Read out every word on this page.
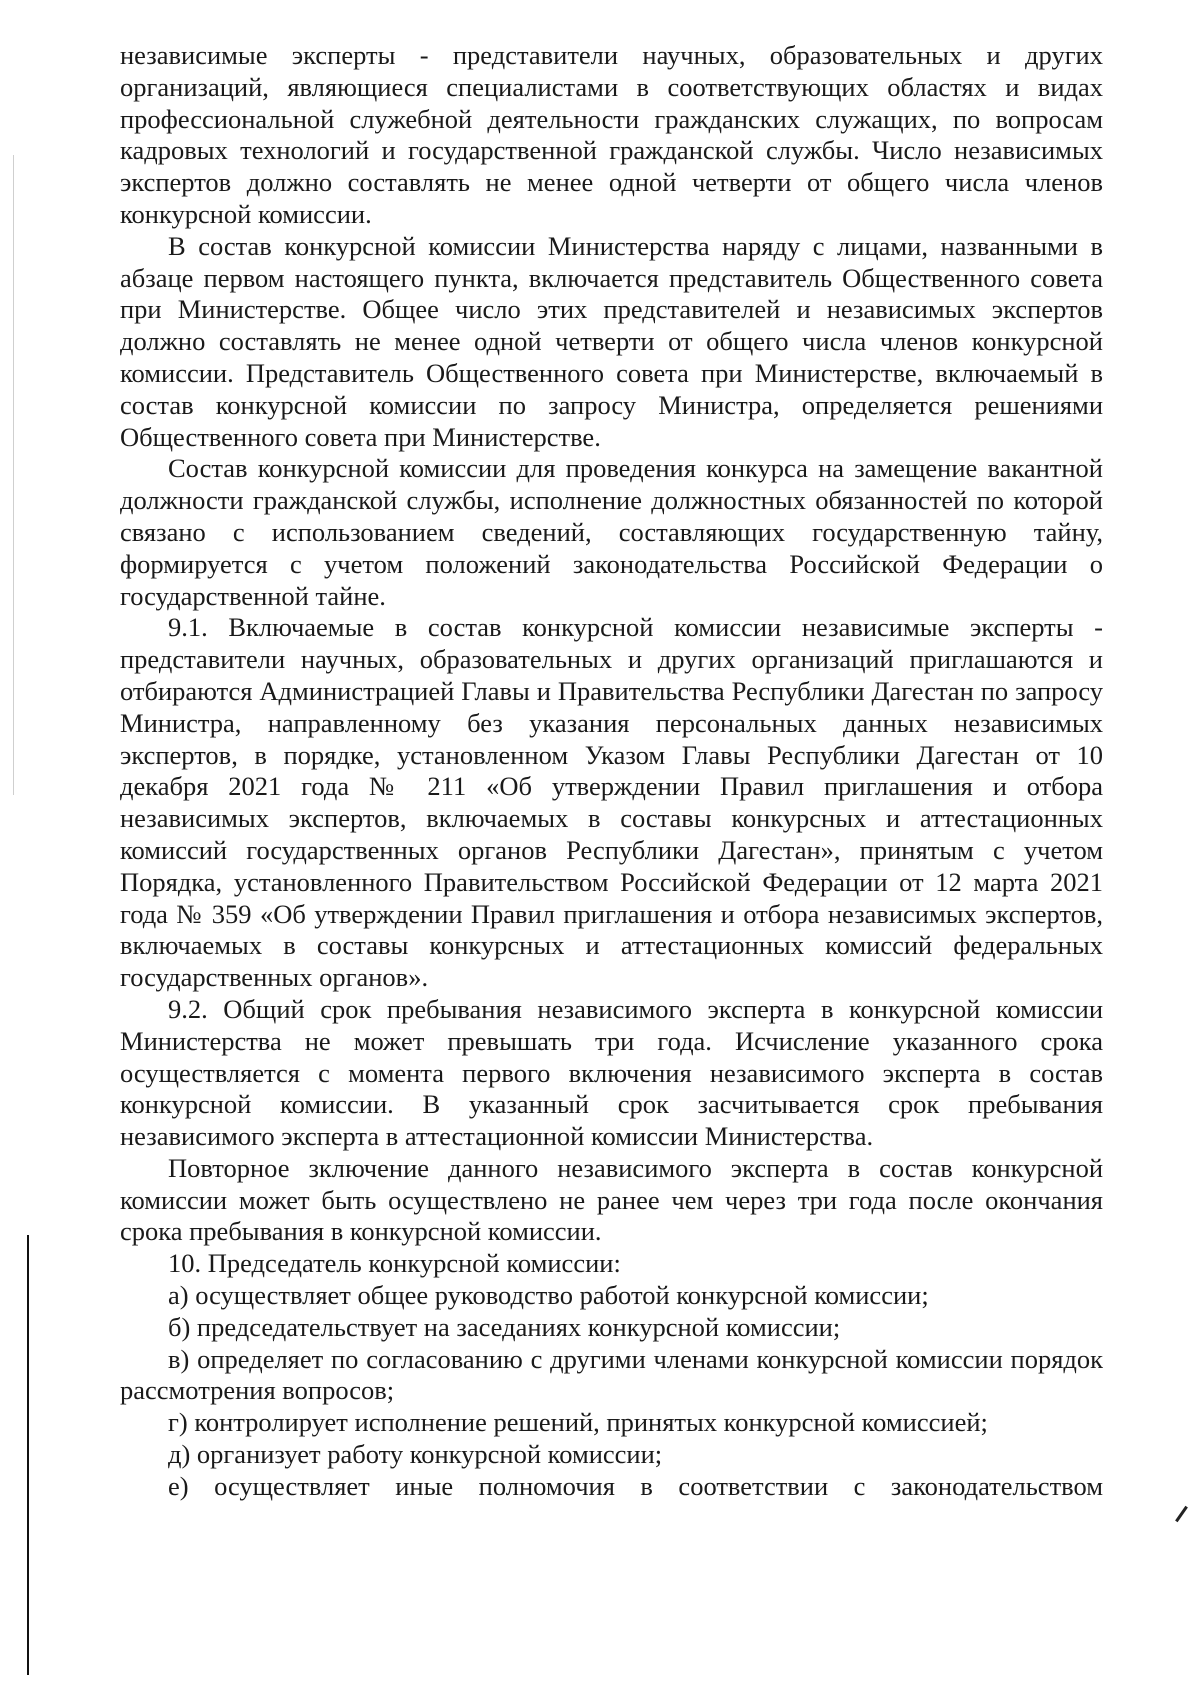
независимые эксперты - представители научных, образовательных и других организаций, являющиеся специалистами в соответствующих областях и видах профессиональной служебной деятельности гражданских служащих, по вопросам кадровых технологий и государственной гражданской службы. Число независимых экспертов должно составлять не менее одной четверти от общего числа членов конкурсной комиссии.

В состав конкурсной комиссии Министерства наряду с лицами, названными в абзаце первом настоящего пункта, включается представитель Общественного совета при Министерстве. Общее число этих представителей и независимых экспертов должно составлять не менее одной четверти от общего числа членов конкурсной комиссии. Представитель Общественного совета при Министерстве, включаемый в состав конкурсной комиссии по запросу Министра, определяется решениями Общественного совета при Министерстве.

Состав конкурсной комиссии для проведения конкурса на замещение вакантной должности гражданской службы, исполнение должностных обязанностей по которой связано с использованием сведений, составляющих государственную тайну, формируется с учетом положений законодательства Российской Федерации о государственной тайне.

9.1. Включаемые в состав конкурсной комиссии независимые эксперты - представители научных, образовательных и других организаций приглашаются и отбираются Администрацией Главы и Правительства Республики Дагестан по запросу Министра, направленному без указания персональных данных независимых экспертов, в порядке, установленном Указом Главы Республики Дагестан от 10 декабря 2021 года № 211 «Об утверждении Правил приглашения и отбора независимых экспертов, включаемых в составы конкурсных и аттестационных комиссий государственных органов Республики Дагестан», принятым с учетом Порядка, установленного Правительством Российской Федерации от 12 марта 2021 года № 359 «Об утверждении Правил приглашения и отбора независимых экспертов, включаемых в составы конкурсных и аттестационных комиссий федеральных государственных органов».

9.2. Общий срок пребывания независимого эксперта в конкурсной комиссии Министерства не может превышать три года. Исчисление указанного срока осуществляется с момента первого включения независимого эксперта в состав конкурсной комиссии. В указанный срок засчитывается срок пребывания независимого эксперта в аттестационной комиссии Министерства.

Повторное зключение данного независимого эксперта в состав конкурсной комиссии может быть осуществлено не ранее чем через три года после окончания срока пребывания в конкурсной комиссии.

10. Председатель конкурсной комиссии:

а) осуществляет общее руководство работой конкурсной комиссии;

б) председательствует на заседаниях конкурсной комиссии;

в) определяет по согласованию с другими членами конкурсной комиссии порядок рассмотрения вопросов;

г) контролирует исполнение решений, принятых конкурсной комиссией;

д) организует работу конкурсной комиссии;

е) осуществляет иные полномочия в соответствии с законодательством
